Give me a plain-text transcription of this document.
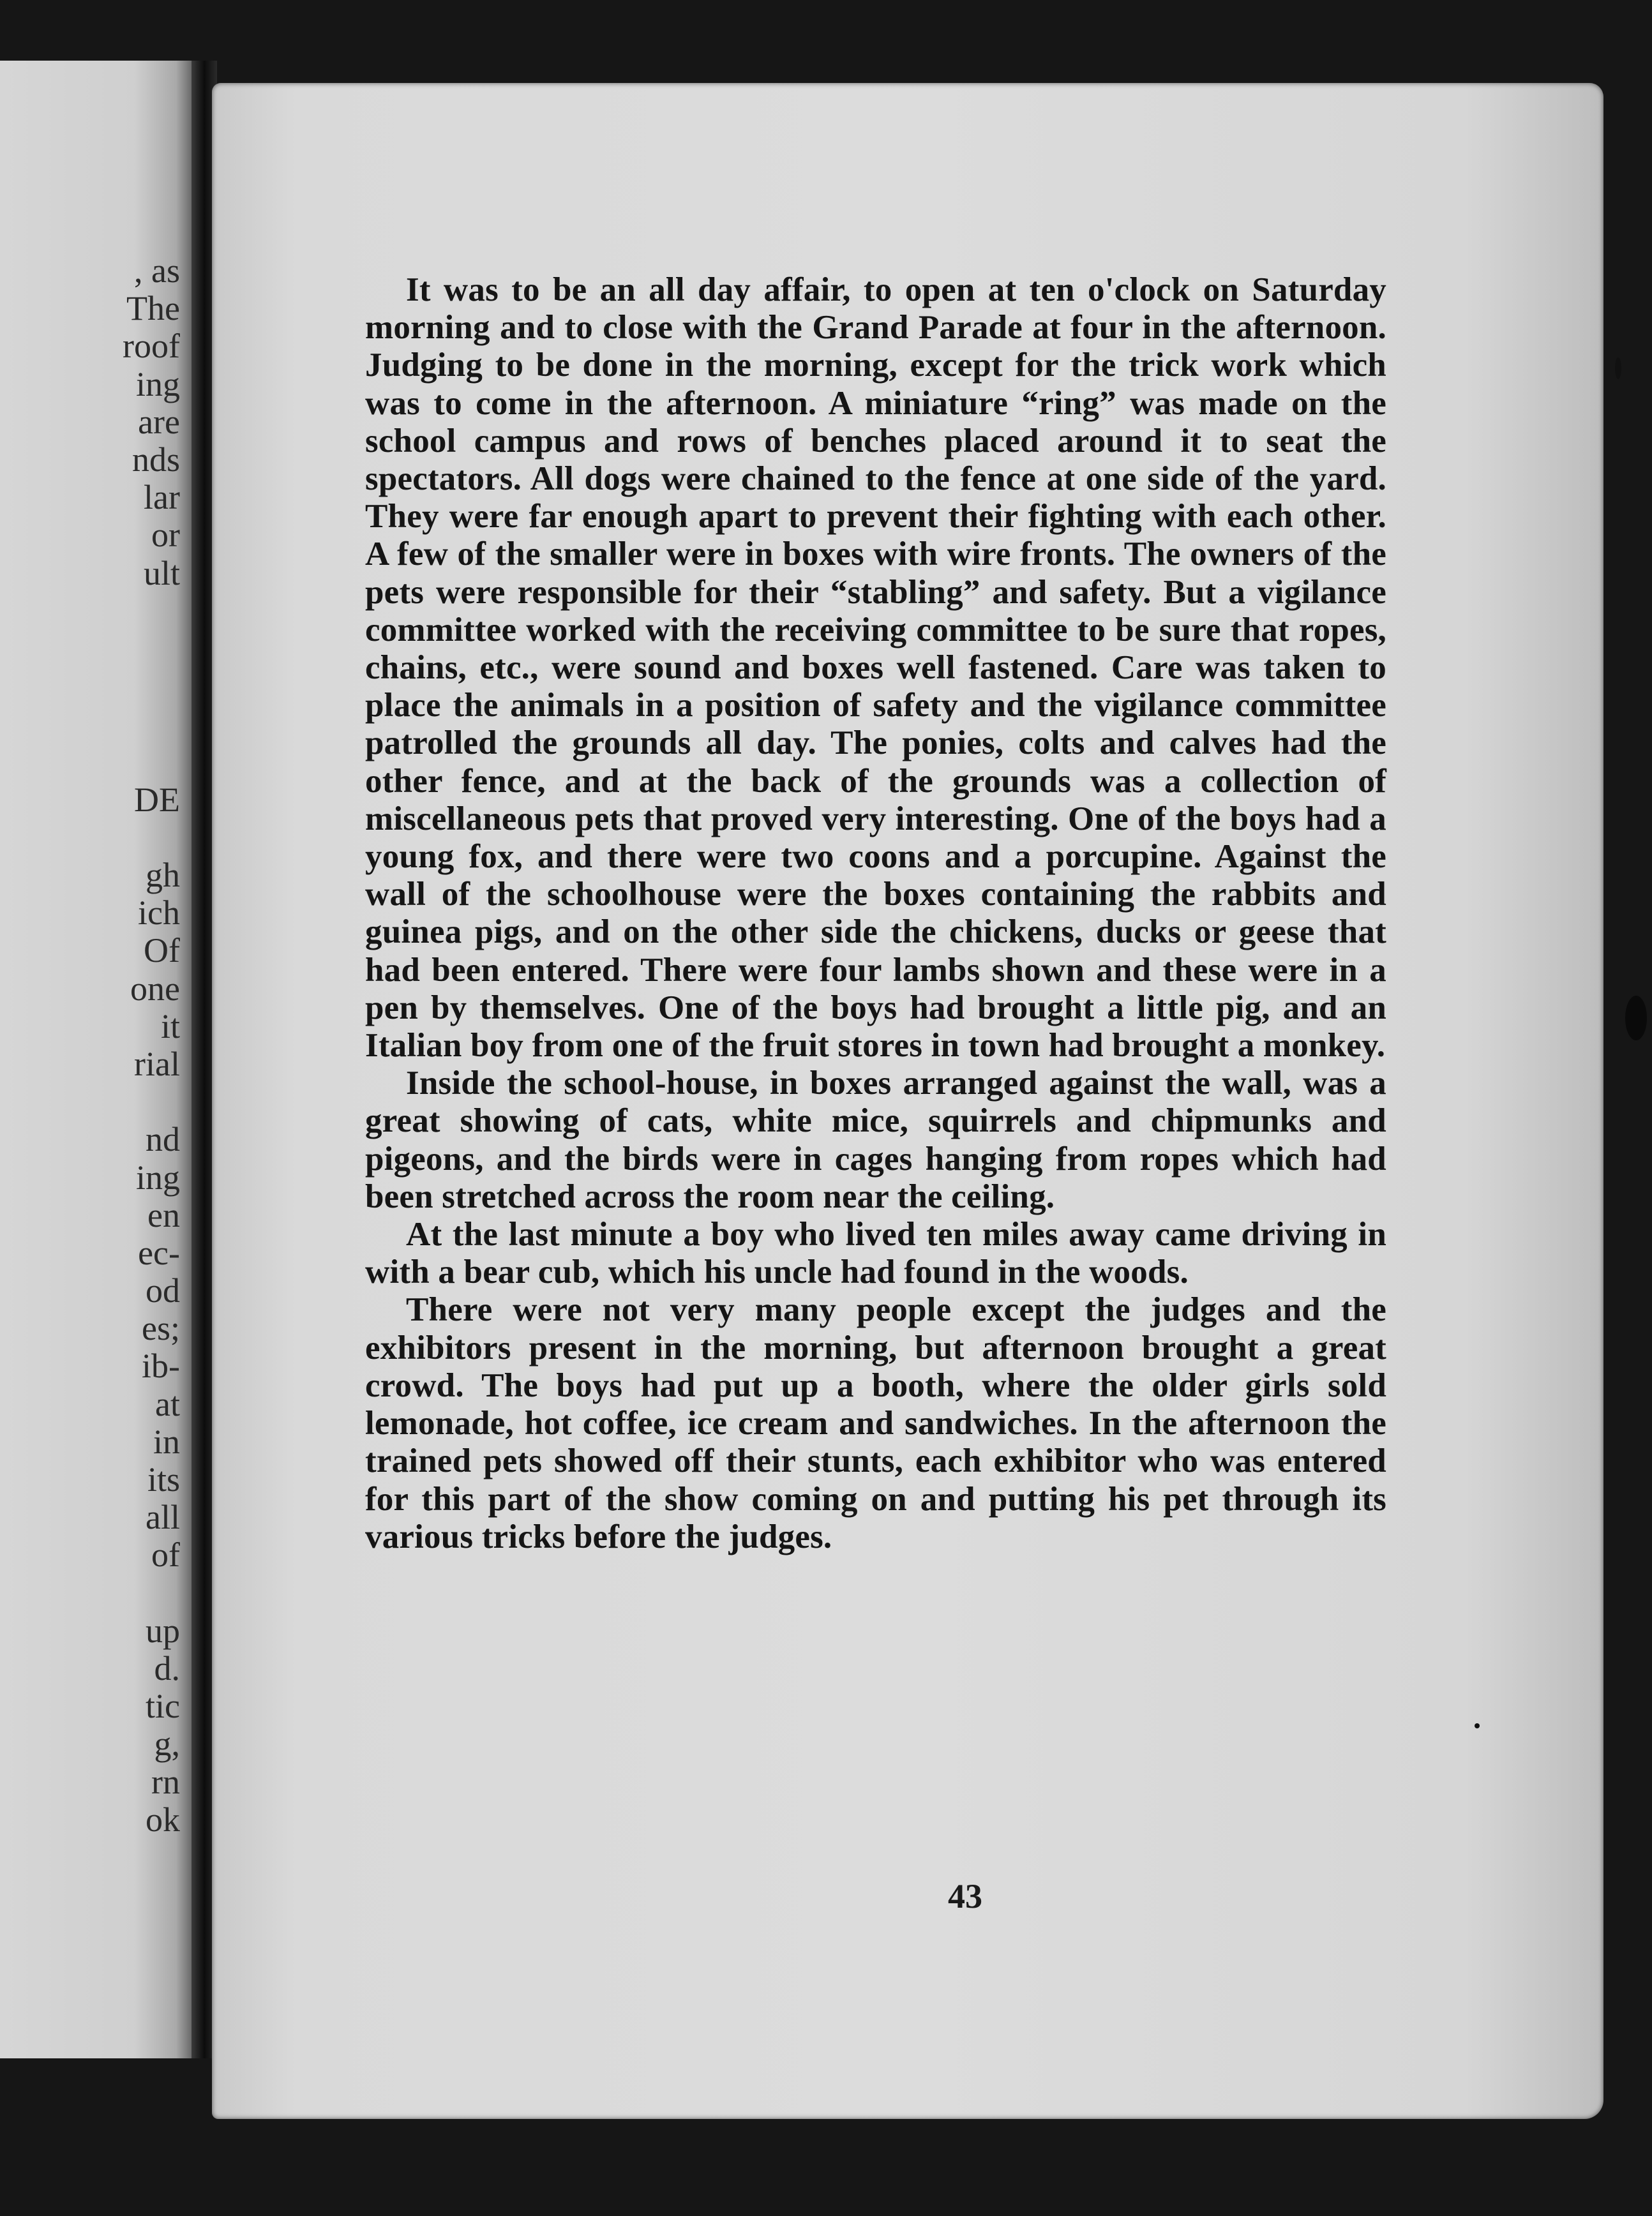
, as
The
roof
ing
are
nds
lar
or
ult
DE
gh
ich
Of
one
it
rial
nd
ing
en
ec-
od
es;
ib-
at
in
its
all
of
up
d.
tic
g,
rn
ok

It was to be an all day affair, to open at ten o'clock on Saturday morning and to close with the Grand Parade at four in the afternoon. Judging to be done in the morning, except for the trick work which was to come in the afternoon. A miniature “ring” was made on the school campus and rows of benches placed around it to seat the spectators. All dogs were chained to the fence at one side of the yard. They were far enough apart to prevent their fighting with each other. A few of the smaller were in boxes with wire fronts. The owners of the pets were responsible for their “stabling” and safety. But a vigilance committee worked with the receiving committee to be sure that ropes, chains, etc., were sound and boxes well fastened. Care was taken to place the animals in a position of safety and the vigilance committee patrolled the grounds all day. The ponies, colts and calves had the other fence, and at the back of the grounds was a collection of miscellaneous pets that proved very interesting. One of the boys had a young fox, and there were two coons and a porcupine. Against the wall of the schoolhouse were the boxes containing the rabbits and guinea pigs, and on the other side the chickens, ducks or geese that had been entered. There were four lambs shown and these were in a pen by themselves. One of the boys had brought a little pig, and an Italian boy from one of the fruit stores in town had brought a monkey.

Inside the school-house, in boxes arranged against the wall, was a great showing of cats, white mice, squirrels and chipmunks and pigeons, and the birds were in cages hanging from ropes which had been stretched across the room near the ceiling.

At the last minute a boy who lived ten miles away came driving in with a bear cub, which his uncle had found in the woods.

There were not very many people except the judges and the exhibitors present in the morning, but afternoon brought a great crowd. The boys had put up a booth, where the older girls sold lemonade, hot coffee, ice cream and sandwiches. In the afternoon the trained pets showed off their stunts, each exhibitor who was entered for this part of the show coming on and putting his pet through its various tricks before the judges.

43
